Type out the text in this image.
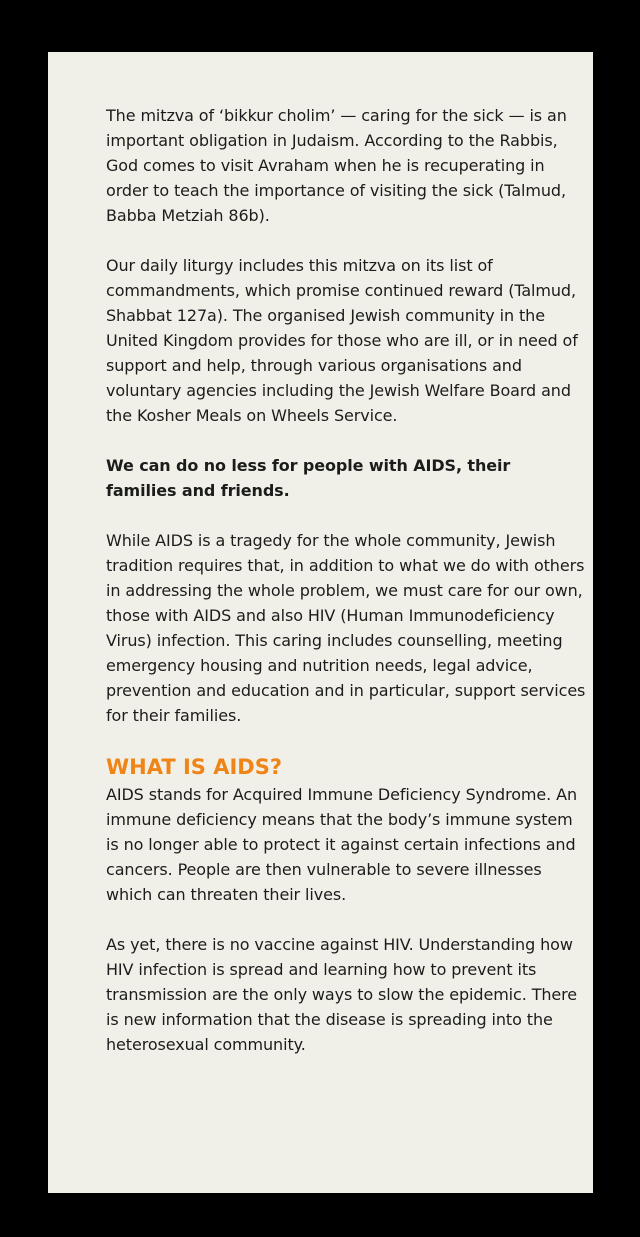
The mitzva of ‘bikkur cholim’ — caring for the sick — is an important obligation in Judaism. According to the Rabbis, God comes to visit Avraham when he is recuperating in order to teach the importance of visiting the sick (Talmud, Babba Metziah 86b).

Our daily liturgy includes this mitzva on its list of commandments, which promise continued reward (Talmud, Shabbat 127a). The organised Jewish community in the United Kingdom provides for those who are ill, or in need of support and help, through various organisations and voluntary agencies including the Jewish Welfare Board and the Kosher Meals on Wheels Service.

We can do no less for people with AIDS, their families and friends.

While AIDS is a tragedy for the whole community, Jewish tradition requires that, in addition to what we do with others in addressing the whole problem, we must care for our own, those with AIDS and also HIV (Human Immunodeficiency Virus) infection. This caring includes counselling, meeting emergency housing and nutrition needs, legal advice, prevention and education and in particular, support services for their families.

WHAT IS AIDS?

AIDS stands for Acquired Immune Deficiency Syndrome. An immune deficiency means that the body’s immune system is no longer able to protect it against certain infections and cancers. People are then vulnerable to severe illnesses which can threaten their lives.

As yet, there is no vaccine against HIV. Understanding how HIV infection is spread and learning how to prevent its transmission are the only ways to slow the epidemic. There is new information that the disease is spreading into the heterosexual community.
